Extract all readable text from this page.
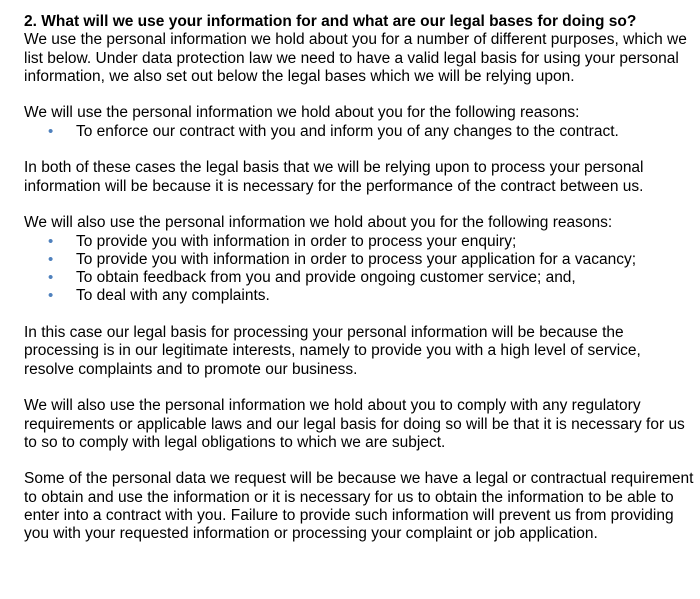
2. What will we use your information for and what are our legal bases for doing so?

We use the personal information we hold about you for a number of different purposes, which we list below. Under data protection law we need to have a valid legal basis for using your personal information, we also set out below the legal bases which we will be relying upon.

We will use the personal information we hold about you for the following reasons:
• To enforce our contract with you and inform you of any changes to the contract.

In both of these cases the legal basis that we will be relying upon to process your personal information will be because it is necessary for the performance of the contract between us.

We will also use the personal information we hold about you for the following reasons:
• To provide you with information in order to process your enquiry;
• To provide you with information in order to process your application for a vacancy;
• To obtain feedback from you and provide ongoing customer service; and,
• To deal with any complaints.

In this case our legal basis for processing your personal information will be because the processing is in our legitimate interests, namely to provide you with a high level of service, resolve complaints and to promote our business.

We will also use the personal information we hold about you to comply with any regulatory requirements or applicable laws and our legal basis for doing so will be that it is necessary for us to so to comply with legal obligations to which we are subject.

Some of the personal data we request will be because we have a legal or contractual requirement to obtain and use the information or it is necessary for us to obtain the information to be able to enter into a contract with you. Failure to provide such information will prevent us from providing you with your requested information or processing your complaint or job application.
